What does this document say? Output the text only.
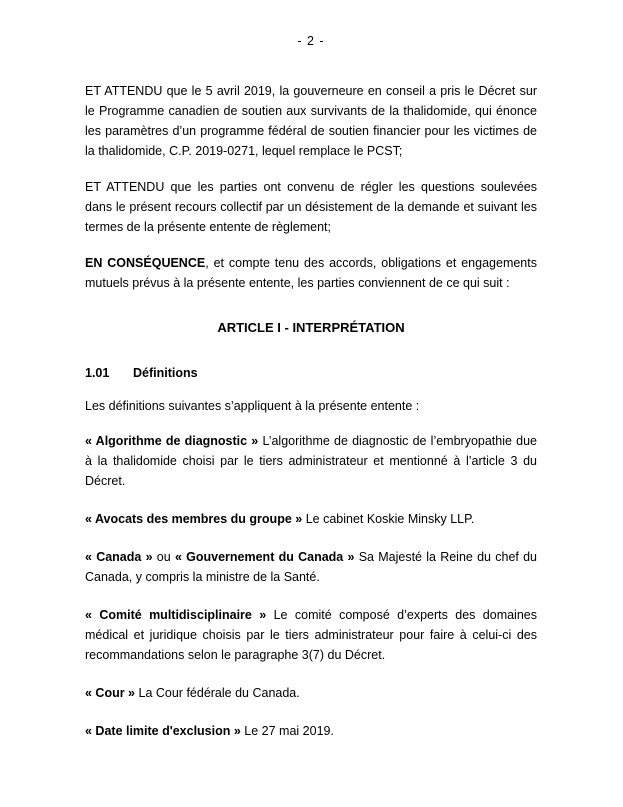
- 2 -

ET ATTENDU que le 5 avril 2019, la gouverneure en conseil a pris le Décret sur le Programme canadien de soutien aux survivants de la thalidomide, qui énonce les paramètres d’un programme fédéral de soutien financier pour les victimes de la thalidomide, C.P. 2019-0271, lequel remplace le PCST;

ET ATTENDU que les parties ont convenu de régler les questions soulevées dans le présent recours collectif par un désistement de la demande et suivant les termes de la présente entente de règlement;

EN CONSÉQUENCE, et compte tenu des accords, obligations et engagements mutuels prévus à la présente entente, les parties conviennent de ce qui suit :

ARTICLE I - INTERPRÉTATION
1.01 Définitions

Les définitions suivantes s’appliquent à la présente entente :

« Algorithme de diagnostic » L’algorithme de diagnostic de l’embryopathie due à la thalidomide choisi par le tiers administrateur et mentionné à l’article 3 du Décret.

« Avocats des membres du groupe » Le cabinet Koskie Minsky LLP.

« Canada » ou « Gouvernement du Canada » Sa Majesté la Reine du chef du Canada, y compris la ministre de la Santé.

« Comité multidisciplinaire » Le comité composé d’experts des domaines médical et juridique choisis par le tiers administrateur pour faire à celui-ci des recommandations selon le paragraphe 3(7) du Décret.

« Cour » La Cour fédérale du Canada.

« Date limite d'exclusion » Le 27 mai 2019.
